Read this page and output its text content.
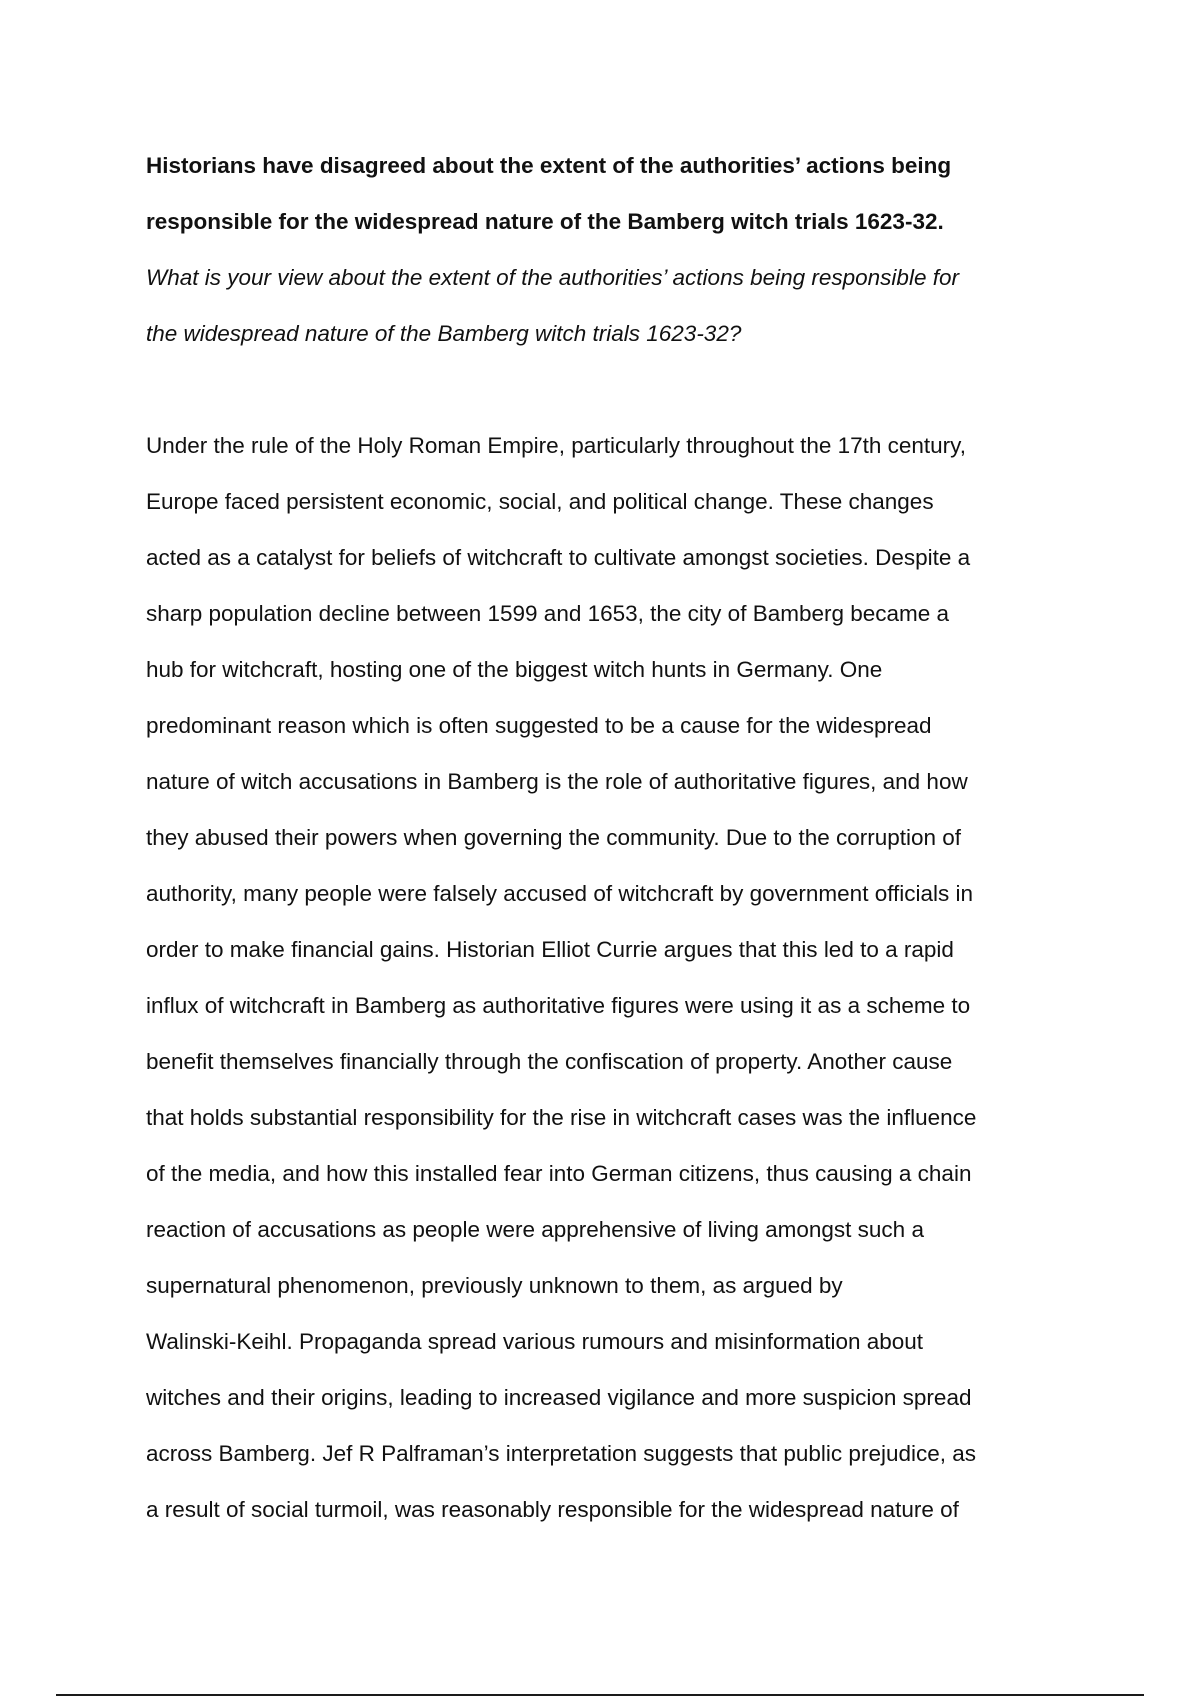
Historians have disagreed about the extent of the authorities’ actions being

responsible for the widespread nature of the Bamberg witch trials 1623-32.

What is your view about the extent of the authorities’ actions being responsible for

the widespread nature of the Bamberg witch trials 1623-32?

Under the rule of the Holy Roman Empire, particularly throughout the 17th century,

Europe faced persistent economic, social, and political change. These changes

acted as a catalyst for beliefs of witchcraft to cultivate amongst societies. Despite a

sharp population decline between 1599 and 1653, the city of Bamberg became a

hub for witchcraft, hosting one of the biggest witch hunts in Germany. One

predominant reason which is often suggested to be a cause for the widespread

nature of witch accusations in Bamberg is the role of authoritative figures, and how

they abused their powers when governing the community. Due to the corruption of

authority, many people were falsely accused of witchcraft by government officials in

order to make financial gains. Historian Elliot Currie argues that this led to a rapid

influx of witchcraft in Bamberg as authoritative figures were using it as a scheme to

benefit themselves financially through the confiscation of property. Another cause

that holds substantial responsibility for the rise in witchcraft cases was the influence

of the media, and how this installed fear into German citizens, thus causing a chain

reaction of accusations as people were apprehensive of living amongst such a

supernatural phenomenon, previously unknown to them, as argued by

Walinski-Keihl. Propaganda spread various rumours and misinformation about

witches and their origins, leading to increased vigilance and more suspicion spread

across Bamberg. Jef R Palframan’s interpretation suggests that public prejudice, as

a result of social turmoil, was reasonably responsible for the widespread nature of
